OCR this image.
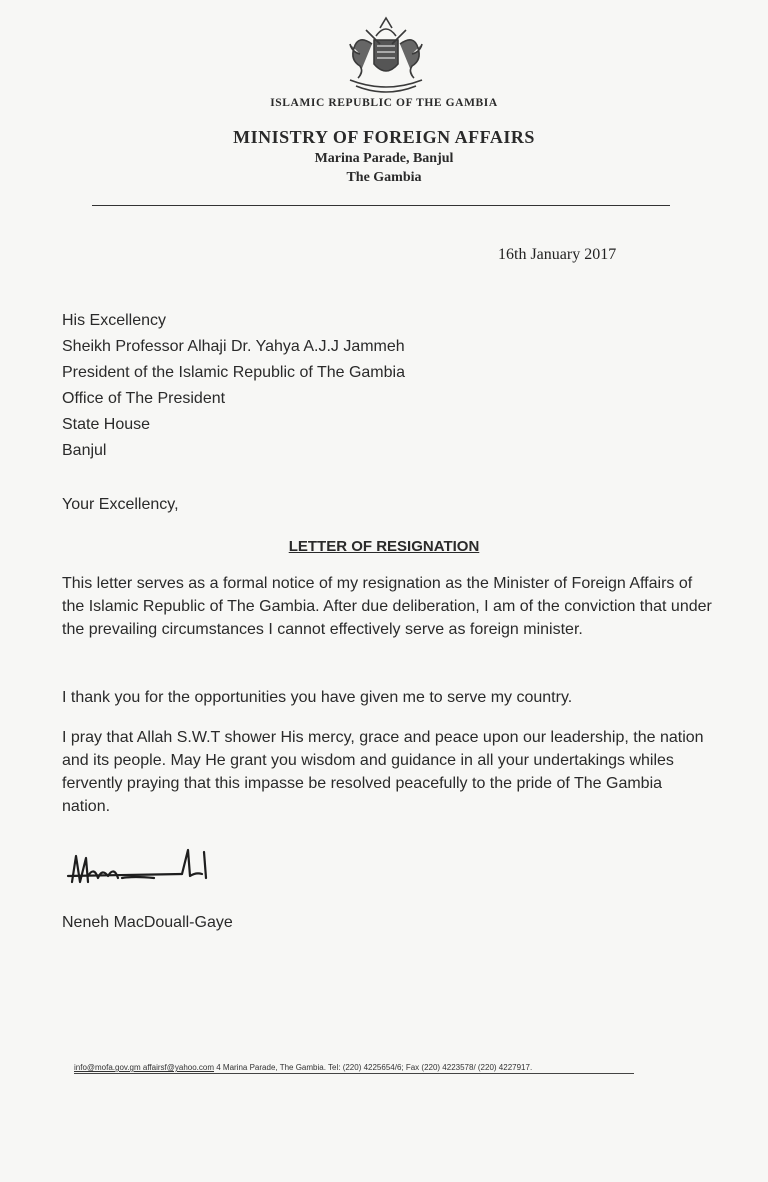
ISLAMIC REPUBLIC OF THE GAMBIA
MINISTRY OF FOREIGN AFFAIRS
Marina Parade, Banjul
The Gambia
16th January 2017
His Excellency
Sheikh Professor Alhaji Dr. Yahya A.J.J Jammeh
President of the Islamic Republic of The Gambia
Office of The President
State House
Banjul
Your Excellency,
LETTER OF RESIGNATION

This letter serves as a formal notice of my resignation as the Minister of Foreign Affairs of the Islamic Republic of The Gambia. After due deliberation, I am of the conviction that under the prevailing circumstances I cannot effectively serve as foreign minister.

I thank you for the opportunities you have given me to serve my country.

I pray that Allah S.W.T shower His mercy, grace and peace upon our leadership, the nation and its people. May He grant you wisdom and guidance in all your undertakings whiles fervently praying that this impasse be resolved peacefully to the pride of The Gambia nation.

Neneh MacDouall-Gaye
info@mofa.gov.gm affairsf@yahoo.com 4 Marina Parade, The Gambia. Tel: (220) 4225654/6; Fax (220) 4223578/ (220) 4227917.
